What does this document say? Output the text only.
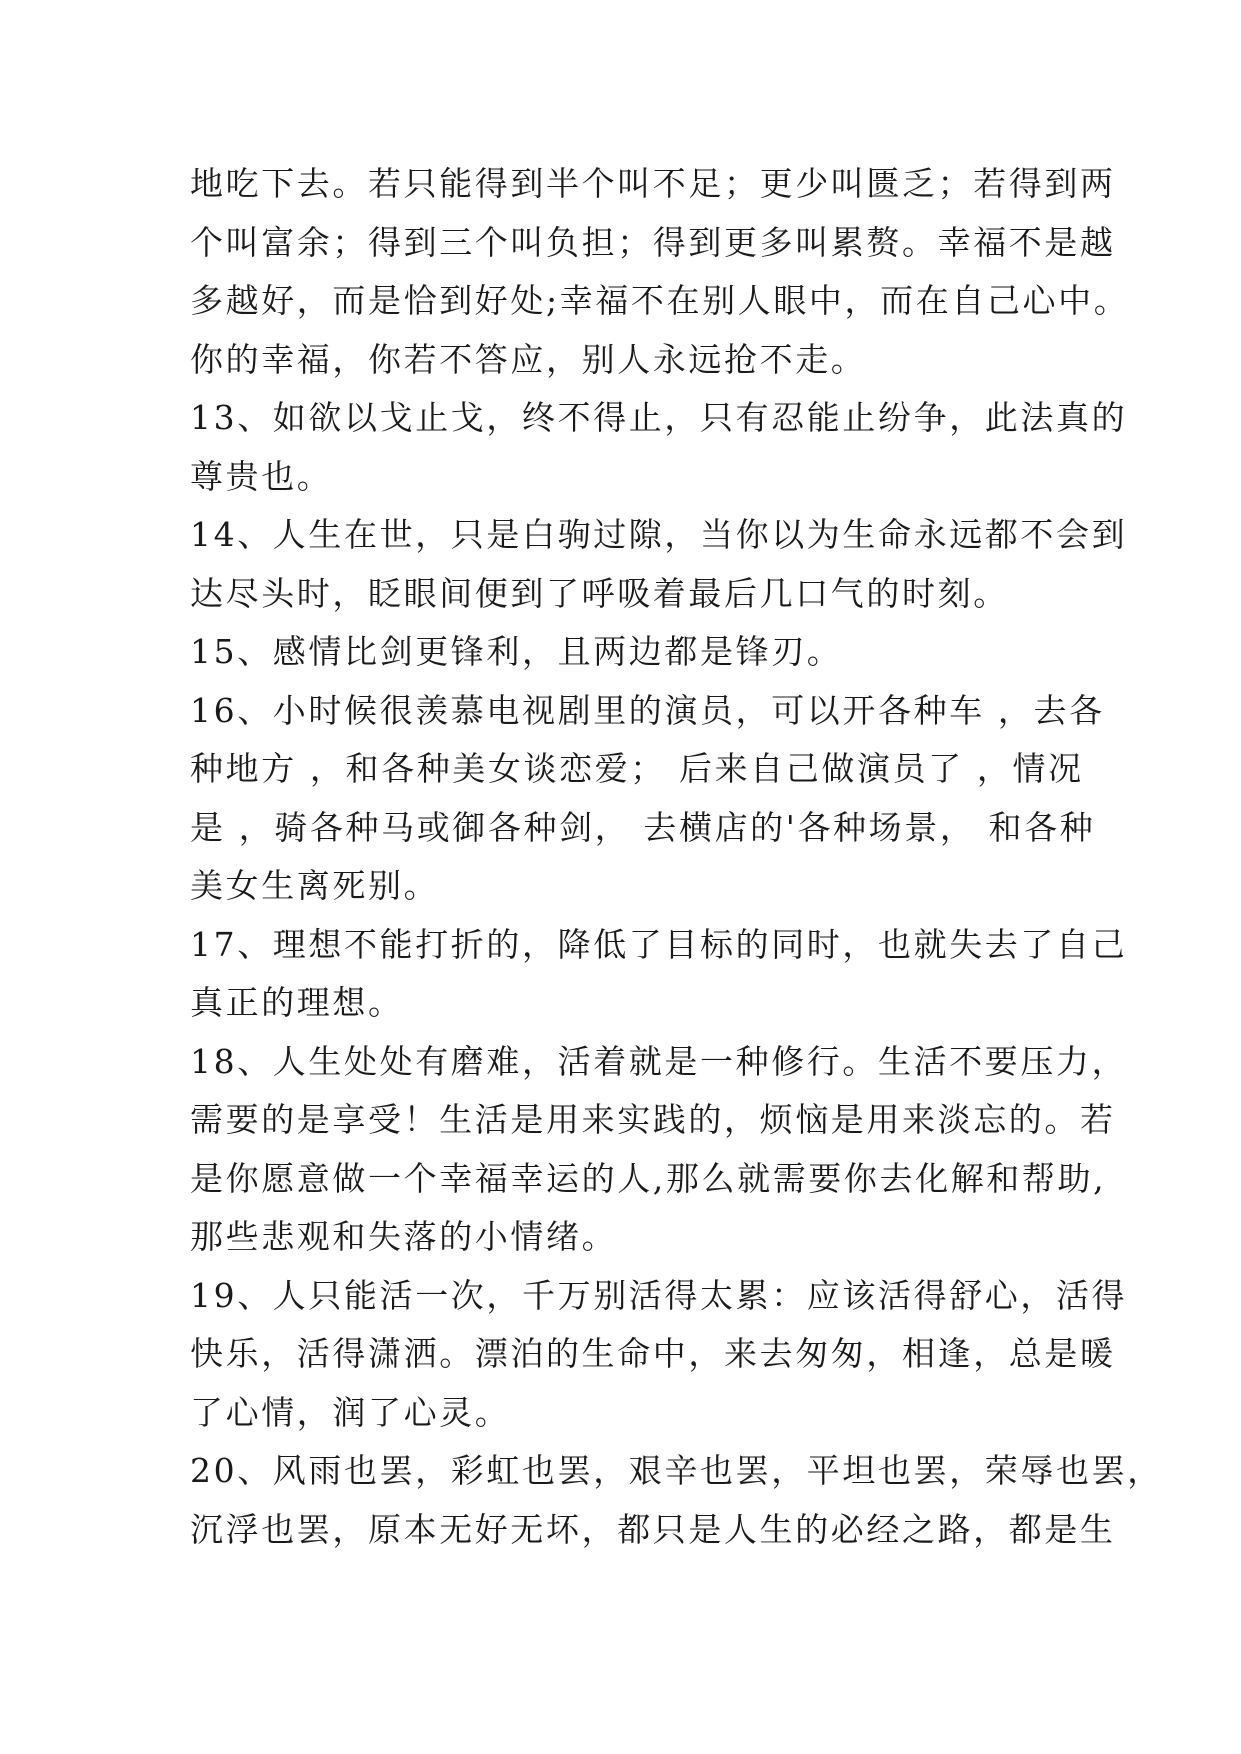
地吃下去。若只能得到半个叫不足；更少叫匮乏；若得到两
个叫富余；得到三个叫负担；得到更多叫累赘。幸福不是越
多越好，而是恰到好处;幸福不在别人眼中，而在自己心中。
你的幸福，你若不答应，别人永远抢不走。
13、如欲以戈止戈，终不得止，只有忍能止纷争，此法真的
尊贵也。
14、人生在世，只是白驹过隙，当你以为生命永远都不会到
达尽头时，眨眼间便到了呼吸着最后几口气的时刻。
15、感情比剑更锋利，且两边都是锋刃。
16、小时候很羡慕电视剧里的演员，可以开各种车 ，去各
种地方 ，和各种美女谈恋爱； 后来自己做演员了 ，情况
是 ，骑各种马或御各种剑， 去横店的'各种场景， 和各种
美女生离死别。
17、理想不能打折的，降低了目标的同时，也就失去了自己
真正的理想。
18、人生处处有磨难，活着就是一种修行。生活不要压力，
需要的是享受！生活是用来实践的，烦恼是用来淡忘的。若
是你愿意做一个幸福幸运的人,那么就需要你去化解和帮助,
那些悲观和失落的小情绪。
19、人只能活一次，千万别活得太累：应该活得舒心，活得
快乐，活得潇洒。漂泊的生命中，来去匆匆，相逢，总是暖
了心情，润了心灵。
20、风雨也罢，彩虹也罢，艰辛也罢，平坦也罢，荣辱也罢，
沉浮也罢，原本无好无坏，都只是人生的必经之路，都是生
